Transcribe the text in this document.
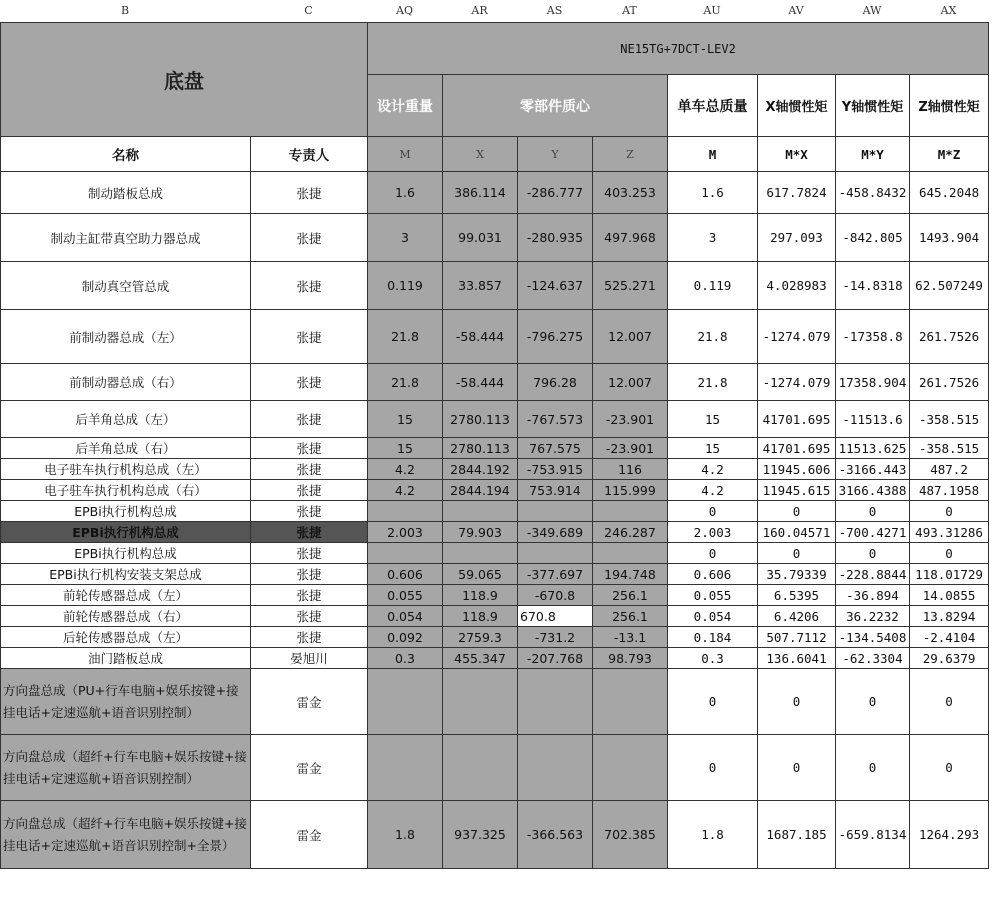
B	C	AQ	AR	AS	AT	AU	AV	AW	AX
底盘		NE15TG+7DCT-LEV2							
		设计重量	零部件质心			单车总质量	X轴惯性矩	Y轴惯性矩	Z轴惯性矩
名称	专责人	M	X	Y	Z	M	M*X	M*Y	M*Z
制动踏板总成	张捷	1.6	386.114	-286.777	403.253	1.6	617.7824	-458.8432	645.2048
制动主缸带真空助力器总成	张捷	3	99.031	-280.935	497.968	3	297.093	-842.805	1493.904
制动真空管总成	张捷	0.119	33.857	-124.637	525.271	0.119	4.028983	-14.8318	62.507249
前制动器总成（左）	张捷	21.8	-58.444	-796.275	12.007	21.8	-1274.079	-17358.8	261.7526
前制动器总成（右）	张捷	21.8	-58.444	796.28	12.007	21.8	-1274.079	17358.904	261.7526
后羊角总成（左）	张捷	15	2780.113	-767.573	-23.901	15	41701.695	-11513.6	-358.515
后羊角总成（右）	张捷	15	2780.113	767.575	-23.901	15	41701.695	11513.625	-358.515
电子驻车执行机构总成（左）	张捷	4.2	2844.192	-753.915	116	4.2	11945.606	-3166.443	487.2
电子驻车执行机构总成（右）	张捷	4.2	2844.194	753.914	115.999	4.2	11945.615	3166.4388	487.1958
EPBi执行机构总成	张捷					0	0	0	0
EPBi执行机构总成	张捷	2.003	79.903	-349.689	246.287	2.003	160.04571	-700.4271	493.31286
EPBi执行机构总成	张捷					0	0	0	0
EPBi执行机构安装支架总成	张捷	0.606	59.065	-377.697	194.748	0.606	35.79339	-228.8844	118.01729
前轮传感器总成（左）	张捷	0.055	118.9	-670.8	256.1	0.055	6.5395	-36.894	14.0855
前轮传感器总成（右）	张捷	0.054	118.9	670.8	256.1	0.054	6.4206	36.2232	13.8294
后轮传感器总成（左）	张捷	0.092	2759.3	-731.2	-13.1	0.184	507.7112	-134.5408	-2.4104
油门踏板总成	晏旭川	0.3	455.347	-207.768	98.793	0.3	136.6041	-62.3304	29.6379
方向盘总成（PU+行车电脑+娱乐按键+接挂电话+定速巡航+语音识别控制）	雷金					0	0	0	0
方向盘总成（超纤+行车电脑+娱乐按键+接挂电话+定速巡航+语音识别控制）	雷金					0	0	0	0
方向盘总成（超纤+行车电脑+娱乐按键+接挂电话+定速巡航+语音识别控制+全景）	雷金	1.8	937.325	-366.563	702.385	1.8	1687.185	-659.8134	1264.293
